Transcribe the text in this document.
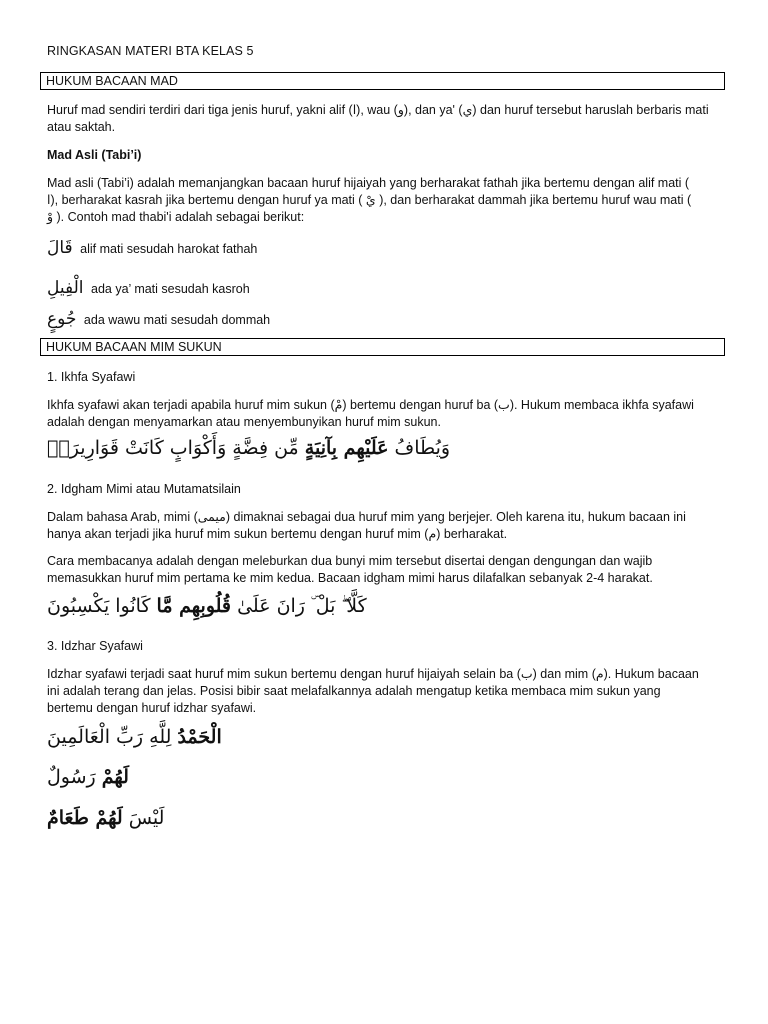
RINGKASAN MATERI BTA KELAS 5
HUKUM BACAAN MAD
Huruf mad sendiri terdiri dari tiga jenis huruf, yakni alif (ا), wau (و), dan ya' (ي) dan huruf tersebut haruslah berbaris mati atau saktah.
Mad Asli (Tabi’i)
Mad asli (Tabi’i) adalah memanjangkan bacaan huruf hijaiyah yang berharakat fathah jika bertemu dengan alif mati (
ا), berharakat kasrah jika bertemu dengan huruf ya mati ( يْ ), dan berharakat dammah jika bertemu huruf wau mati (
وْ ). Contoh mad thabi'i adalah sebagai berikut:
قَالَ alif mati sesudah harokat fathah
الْفِيلِ ada ya’ mati sesudah kasroh
جُوعٍ ada wawu mati sesudah dommah
HUKUM BACAAN MIM SUKUN
1. Ikhfa Syafawi
Ikhfa syafawi akan terjadi apabila huruf mim sukun (مْ) bertemu dengan huruf ba (ب). Hukum membaca ikhfa syafawi
adalah dengan menyamarkan atau menyembunyikan huruf mim sukun.
وَيُطَافُ عَلَيْهِم بِآنِيَةٍ مِّن فِضَّةٍ وَأَكْوَابٍ كَانَتْ قَوَارِيرَا۠
2. Idgham Mimi atau Mutamatsilain
Dalam bahasa Arab, mimi (ميمى) dimaknai sebagai dua huruf mim yang berjejer. Oleh karena itu, hukum bacaan ini
hanya akan terjadi jika huruf mim sukun bertemu dengan huruf mim (م) berharakat.
Cara membacanya adalah dengan meleburkan dua bunyi mim tersebut disertai dengan dengungan dan wajib
memasukkan huruf mim pertama ke mim kedua. Bacaan idgham mimi harus dilafalkan sebanyak 2-4 harakat.
كَلَّا ۖ بَلْ ۜ رَانَ عَلَىٰ قُلُوبِهِم مَّا كَانُوا يَكْسِبُونَ
3. Idzhar Syafawi
Idzhar syafawi terjadi saat huruf mim sukun bertemu dengan huruf hijaiyah selain ba (ب) dan mim (م). Hukum bacaan
ini adalah terang dan jelas. Posisi bibir saat melafalkannya adalah mengatup ketika membaca mim sukun yang
bertemu dengan huruf idzhar syafawi.
الْحَمْدُ لِلَّهِ رَبِّ الْعَالَمِينَ
لَهُمْ رَسُولٌ
لَيْسَ لَهُمْ طَعَامٌ
